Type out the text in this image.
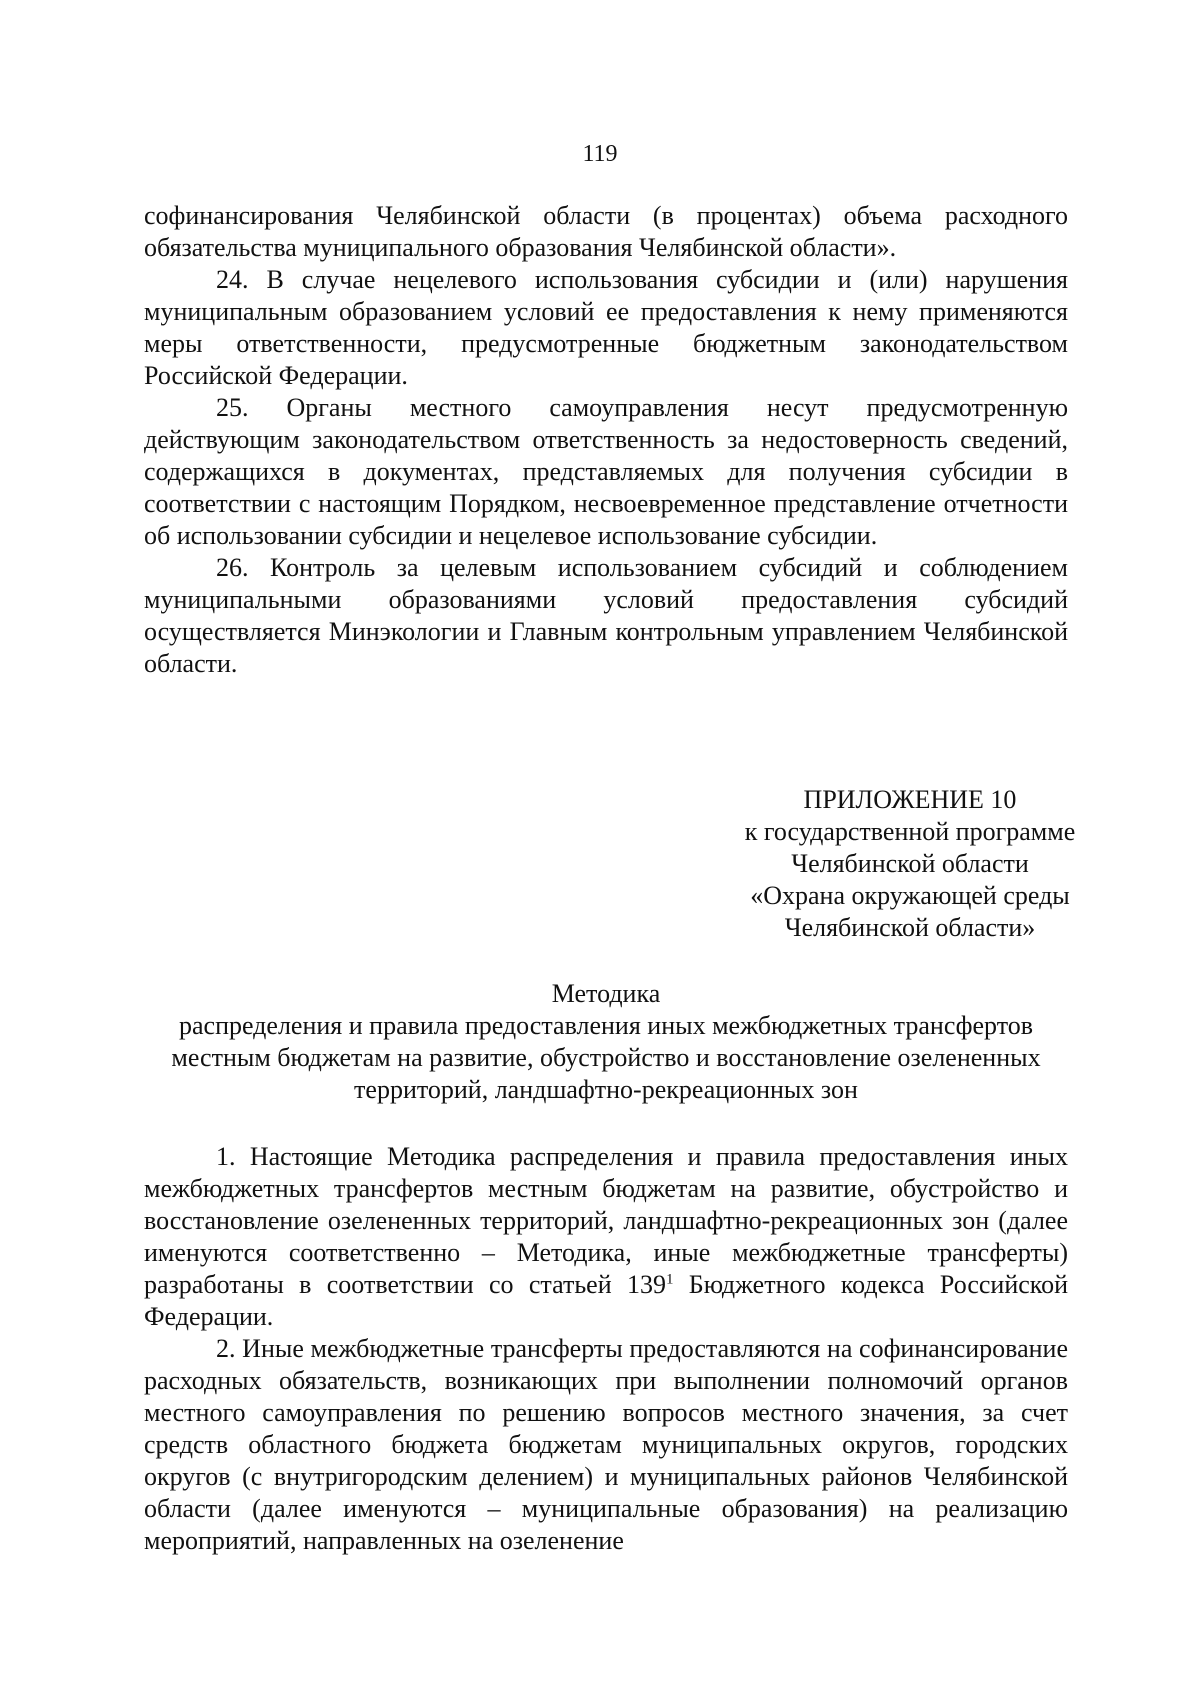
119

софинансирования Челябинской области (в процентах) объема расходного обязательства муниципального образования Челябинской области».

24. В случае нецелевого использования субсидии и (или) нарушения муниципальным образованием условий ее предоставления к нему применяются меры ответственности, предусмотренные бюджетным законодательством Российской Федерации.

25. Органы местного самоуправления несут предусмотренную действующим законодательством ответственность за недостоверность сведений, содержащихся в документах, представляемых для получения субсидии в соответствии с настоящим Порядком, несвоевременное представление отчетности об использовании субсидии и нецелевое использование субсидии.

26. Контроль за целевым использованием субсидий и соблюдением муниципальными образованиями условий предоставления субсидий осуществляется Минэкологии и Главным контрольным управлением Челябинской области.

ПРИЛОЖЕНИЕ 10
к государственной программе
Челябинской области
«Охрана окружающей среды
Челябинской области»
Методика
распределения и правила предоставления иных межбюджетных трансфертов
местным бюджетам на развитие, обустройство и восстановление озелененных
территорий, ландшафтно-рекреационных зон

1. Настоящие Методика распределения и правила предоставления иных межбюджетных трансфертов местным бюджетам на развитие, обустройство и восстановление озелененных территорий, ландшафтно-рекреационных зон (далее именуются соответственно – Методика, иные межбюджетные трансферты) разработаны в соответствии со статьей $139^1$ Бюджетного кодекса Российской Федерации.

2. Иные межбюджетные трансферты предоставляются на софинансирование расходных обязательств, возникающих при выполнении полномочий органов местного самоуправления по решению вопросов местного значения, за счет средств областного бюджета бюджетам муниципальных округов, городских округов (с внутригородским делением) и муниципальных районов Челябинской области (далее именуются – муниципальные образования) на реализацию мероприятий, направленных на озеленение
